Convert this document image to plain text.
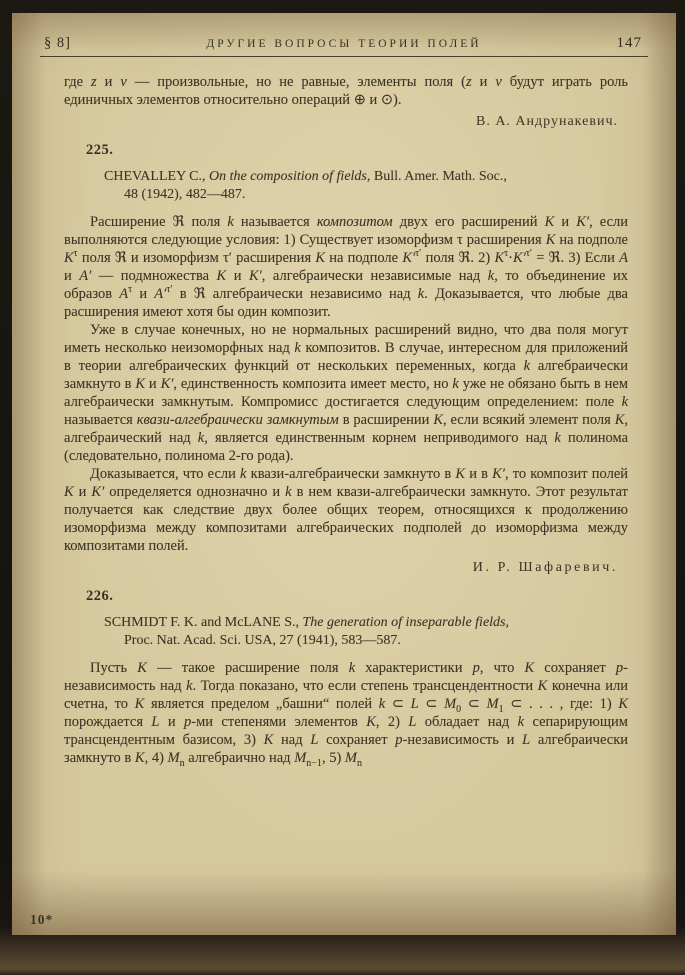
§ 8]	ДРУГИЕ ВОПРОСЫ ТЕОРИИ ПОЛЕЙ	147

где z и v — произвольные, но не равные, элементы поля (z и v будут играть роль единичных элементов относительно операций ⊕ и ⊙).

В. А. Андрунакевич.

225.

CHEVALLEY C., On the composition of fields, Bull. Amer. Math. Soc., 48 (1942), 482—487.

Расширение ℜ поля k называется композитом двух его расширений K и K′, если выполняются следующие условия: 1) Существует изоморфизм τ расширения K на подполе $K^\tau$ поля ℜ и изоморфизм τ′ расширения K на подполе $K'^{\tau'}$ поля ℜ. 2) $K^\tau\cdot K'^{\tau'}$ = ℜ. 3) Если A и A′ — подмножества K и K′, алгебраически независимые над k, то объединение их образов $A^\tau$ и $A'^{\tau'}$ в ℜ алгебраически независимо над k. Доказывается, что любые два расширения имеют хотя бы один композит.

Уже в случае конечных, но не нормальных расширений видно, что два поля могут иметь несколько неизоморфных над k композитов. В случае, интересном для приложений в теории алгебраических функций от нескольких переменных, когда k алгебраически замкнуто в K и K′, единственность композита имеет место, но k уже не обязано быть в нем алгебраически замкнутым. Компромисс достигается следующим определением: поле k называется квази-алгебраически замкнутым в расширении K, если всякий элемент поля K, алгебраический над k, является единственным корнем неприводимого над k полинома (следовательно, полинома 2-го рода).

Доказывается, что если k квази-алгебраически замкнуто в K и в K′, то композит полей K и K′ определяется однозначно и k в нем квази-алгебраически замкнуто. Этот результат получается как следствие двух более общих теорем, относящихся к продолжению изоморфизма между композитами алгебраических подполей до изоморфизма между композитами полей.

И. Р. Шафаревич.

226.

SCHMIDT F. K. and McLANE S., The generation of inseparable fields, Proc. Nat. Acad. Sci. USA, 27 (1941), 583—587.

Пусть K — такое расширение поля k характеристики p, что K сохраняет p-независимость над k. Тогда показано, что если степень трансцендентности K конечна или счетна, то K является пределом „башни“ полей k ⊂ L ⊂ $M_0$ ⊂ $M_1$ ⊂ . . . , где: 1) K порождается L и p-ми степенями элементов K, 2) L обладает над k сепарирующим трансцендентным базисом, 3) K над L сохраняет p-независимость и L алгебраически замкнуто в K, 4) $M_n$ алгебраично над $M_{n-1}$, 5) $M_n$

10*
